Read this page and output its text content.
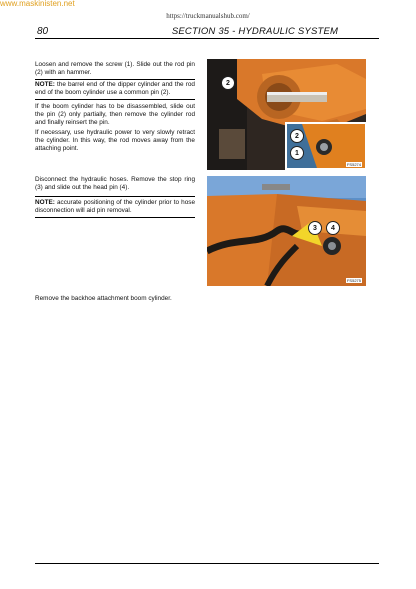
www.maskinisten.net
https://truckmanualshub.com/
80	SECTION 35 - HYDRAULIC SYSTEM
Loosen and remove the screw (1). Slide out the rod pin (2) with an hammer.
NOTE: the barrel end of the dipper cylinder and the rod end of the boom cylinder use a common pin (2).
If the boom cylinder has to be disassembled, slide out the pin (2) only partially, then remove the cylinder rod and finally reinsert the pin.
If necessary, use hydraulic power to very slowly retract the cylinder. In this way, the rod moves away from the attaching point.
Disconnect the hydraulic hoses. Remove the stop ring (3) and slide out the head pin (4).
NOTE: accurate positioning of the cylinder prior to hose disconnection will aid pin removal.
Remove the backhoe attachment boom cylinder.
2
2
1
FS5274
3	4
FS5275
